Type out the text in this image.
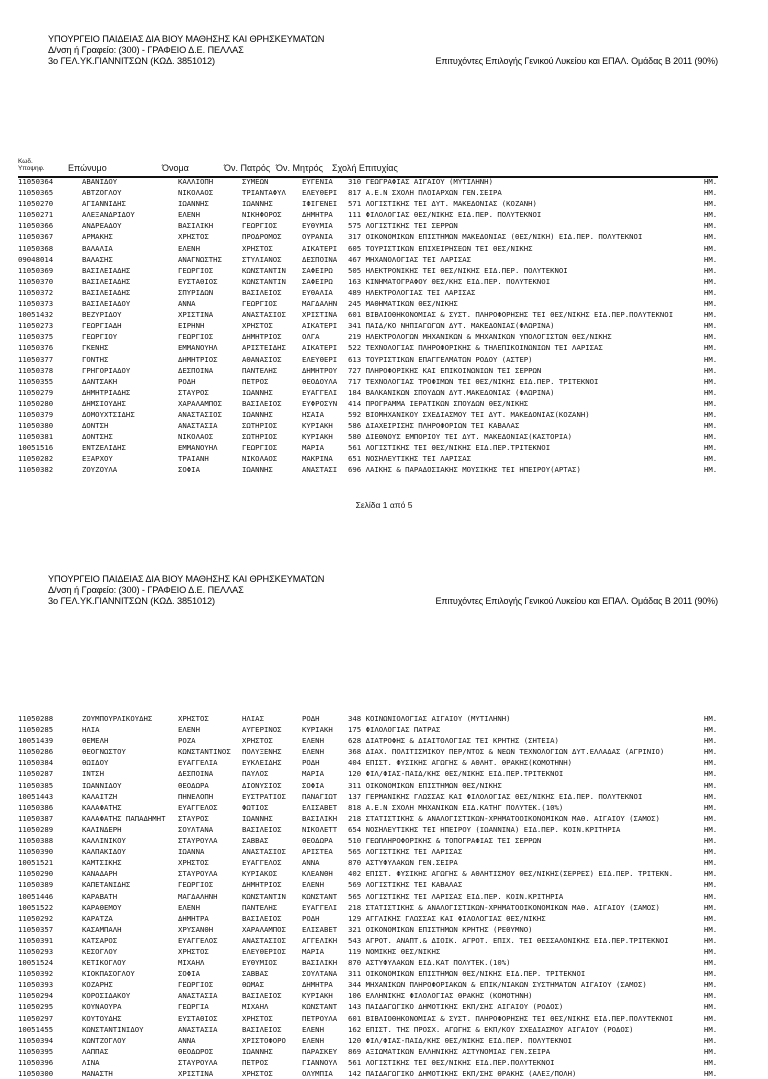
ΥΠΟΥΡΓΕΙΟ ΠΑΙΔΕΙΑΣ ΔΙΑ ΒΙΟΥ ΜΑΘΗΣΗΣ ΚΑΙ ΘΡΗΣΚΕΥΜΑΤΩΝ
Δ/νση ή Γραφείο: (300) - ΓΡΑΦΕΙΟ Δ.Ε. ΠΕΛΛΑΣ
3ο ΓΕΛ.ΥΚ.ΓΙΑΝΝΙΤΣΩΝ (ΚΩΔ. 3851012)	Επιτυχόντες Επιλογής Γενικού Λυκείου και ΕΠΑΛ. Ομάδας Β 2011 (90%)
Κωδ. Υποψηφ.	Επώνυμο	Όνομα	Όν. Πατρός Όν. Μητρός Σχολή Επιτυχίας
11050364	ΑΒΑΝΙΔΟΥ	ΚΑΛΛΙΟΠΗ	ΣΥΜΕΩΝ	ΕΥΓΕΝΙΑ	310 ΓΕΩΓΡΑΦΙΑΣ ΑΙΓΑΙΟΥ (ΜΥΤΙΛΗΝΗ)	ΗΜ.
11050365	ΑΒΤΖΟΓΛΟΥ	ΝΙΚΟΛΑΟΣ	ΤΡΙΑΝΤΑΦΥΛ	ΕΛΕΥΘΕΡΙ	817 Α.Ε.Ν ΣΧΟΛΗ ΠΛΟΙΑΡΧΩΝ ΓΕΝ.ΣΕΙΡΑ	ΗΜ.
11050270	ΑΓΙΑΝΝΙΔΗΣ	ΙΩΑΝΝΗΣ	ΙΩΑΝΝΗΣ	ΙΦΙΓΕΝΕΙ	571 ΛΟΓΙΣΤΙΚΗΣ ΤΕΙ ΔΥΤ. ΜΑΚΕΔΟΝΙΑΣ (ΚΟΖΑΝΗ)	ΗΜ.
11050271	ΑΛΕΞΑΝΔΡΙΔΟΥ	ΕΛΕΝΗ	ΝΙΚΗΦΟΡΟΣ	ΔΗΜΗΤΡΑ	111 ΦΙΛΟΛΟΓΙΑΣ ΘΕΣ/ΝΙΚΗΣ ΕΙΔ.ΠΕΡ. ΠΟΛΥΤΕΚΝΟΙ	ΗΜ.
11050366	ΑΝΔΡΕΑΔΟΥ	ΒΑΣΙΛΙΚΗ	ΓΕΩΡΓΙΟΣ	ΕΥΘΥΜΙΑ	575 ΛΟΓΙΣΤΙΚΗΣ ΤΕΙ ΣΕΡΡΩΝ	ΗΜ.
11050367	ΑΡΜΑΚΗΣ	ΧΡΗΣΤΟΣ	ΠΡΟΔΡΟΜΟΣ	ΟΥΡΑΝΙΑ	317 ΟΙΚΟΝΟΜΙΚΩΝ ΕΠΙΣΤΗΜΩΝ ΜΑΚΕΔΟΝΙΑΣ (ΘΕΣ/ΝΙΚΗ) ΕΙΔ.ΠΕΡ. ΠΟΛΥΤΕΚΝΟΙ	ΗΜ.
11050368	ΒΑΛΑΛΙΑ	ΕΛΕΝΗ	ΧΡΗΣΤΟΣ	ΑΙΚΑΤΕΡΙ	605 ΤΟΥΡΙΣΤΙΚΩΝ ΕΠΙΧΕΙΡΗΣΕΩΝ ΤΕΙ ΘΕΣ/ΝΙΚΗΣ	ΗΜ.
09048014	ΒΑΛΑΣΗΣ	ΑΝΑΓΝΩΣΤΗΣ	ΣΤΥΛΙΑΝΟΣ	ΔΕΣΠΟΙΝΑ	467 ΜΗΧΑΝΟΛΟΓΙΑΣ ΤΕΙ ΛΑΡΙΣΑΣ	ΗΜ.
11050369	ΒΑΣΙΛΕΙΑΔΗΣ	ΓΕΩΡΓΙΟΣ	ΚΩΝΣΤΑΝΤΙΝ	ΣΑΦΕΙΡΩ	505 ΗΛΕΚΤΡΟΝΙΚΗΣ ΤΕΙ ΘΕΣ/ΝΙΚΗΣ ΕΙΔ.ΠΕΡ. ΠΟΛΥΤΕΚΝΟΙ	ΗΜ.
11050370	ΒΑΣΙΛΕΙΑΔΗΣ	ΕΥΣΤΑΘΙΟΣ	ΚΩΝΣΤΑΝΤΙΝ	ΣΑΦΕΙΡΩ	163 ΚΙΝΗΜΑΤΟΓΡΑΦΟΥ ΘΕΣ/ΚΗΣ ΕΙΔ.ΠΕΡ. ΠΟΛΥΤΕΚΝΟΙ	ΗΜ.
11050372	ΒΑΣΙΛΕΙΑΔΗΣ	ΣΠΥΡΙΔΩΝ	ΒΑΣΙΛΕΙΟΣ	ΕΥΘΑΛΙΑ	489 ΗΛΕΚΤΡΟΛΟΓΙΑΣ ΤΕΙ ΛΑΡΙΣΑΣ	ΗΜ.
11050373	ΒΑΣΙΛΕΙΑΔΟΥ	ΑΝΝΑ	ΓΕΩΡΓΙΟΣ	ΜΑΓΔΑΛΗΝ	245 ΜΑΘΗΜΑΤΙΚΩΝ ΘΕΣ/ΝΙΚΗΣ	ΗΜ.
10051432	ΒΕΖΥΡΙΔΟΥ	ΧΡΙΣΤΙΝΑ	ΑΝΑΣΤΑΣΙΟΣ	ΧΡΙΣΤΙΝΑ	601 ΒΙΒΛΙΟΘΗΚΟΝΟΜΙΑΣ & ΣΥΣΤ. ΠΛΗΡΟΦΟΡΗΣΗΣ ΤΕΙ ΘΕΣ/ΝΙΚΗΣ ΕΙΔ.ΠΕΡ.ΠΟΛΥΤΕΚΝΟΙ	ΗΜ.
11050273	ΓΕΩΡΓΙΑΔΗ	ΕΙΡΗΝΗ	ΧΡΗΣΤΟΣ	ΑΙΚΑΤΕΡΙ	341 ΠΑΙΔ/ΚΟ ΝΗΠΙΑΓΩΓΩΝ ΔΥΤ. ΜΑΚΕΔΟΝΙΑΣ(ΦΛΩΡΙΝΑ)	ΗΜ.
11050375	ΓΕΩΡΓΙΟΥ	ΓΕΩΡΓΙΟΣ	ΔΗΜΗΤΡΙΟΣ	ΟΛΓΑ	219 ΗΛΕΚΤΡΟΛΟΓΩΝ ΜΗΧΑΝΙΚΩΝ & ΜΗΧΑΝΙΚΩΝ ΥΠΟΛΟΓΙΣΤΩΝ ΘΕΣ/ΝΙΚΗΣ	ΗΜ.
11050376	ΓΚΕΝΗΣ	ΕΜΜΑΝΟΥΗΛ	ΑΡΙΣΤΕΙΔΗΣ	ΑΙΚΑΤΕΡΙ	522 ΤΕΧΝΟΛΟΓΙΑΣ ΠΛΗΡΟΦΟΡΙΚΗΣ & ΤΗΛΕΠΙΚΟΙΝΩΝΙΩΝ ΤΕΙ ΛΑΡΙΣΑΣ	ΗΜ.
11050377	ΓΟΝΤΗΣ	ΔΗΜΗΤΡΙΟΣ	ΑΘΑΝΑΣΙΟΣ	ΕΛΕΥΘΕΡΙ	613 ΤΟΥΡΙΣΤΙΚΩΝ ΕΠΑΓΓΕΛΜΑΤΩΝ ΡΟΔΟΥ (ΑΣΤΕΡ)	ΗΜ.
11050378	ΓΡΗΓΟΡΙΑΔΟΥ	ΔΕΣΠΟΙΝΑ	ΠΑΝΤΕΛΗΣ	ΔΗΜΗΤΡΟΥ	727 ΠΛΗΡΟΦΟΡΙΚΗΣ ΚΑΙ ΕΠΙΚΟΙΝΩΝΙΩΝ ΤΕΙ ΣΕΡΡΩΝ	ΗΜ.
11050355	ΔΑΝΤΣΑΚΗ	ΡΟΔΗ	ΠΕΤΡΟΣ	ΘΕΟΔΟΥΛΑ	717 ΤΕΧΝΟΛΟΓΙΑΣ ΤΡΟΦΙΜΩΝ ΤΕΙ ΘΕΣ/ΝΙΚΗΣ ΕΙΔ.ΠΕΡ. ΤΡΙΤΕΚΝΟΙ	ΗΜ.
11050279	ΔΗΜΗΤΡΙΑΔΗΣ	ΣΤΑΥΡΟΣ	ΙΩΑΝΝΗΣ	ΕΥΑΓΓΕΛΙ	184 ΒΑΛΚΑΝΙΚΩΝ ΣΠΟΥΔΩΝ ΔΥΤ.ΜΑΚΕΔΟΝΙΑΣ (ΦΛΩΡΙΝΑ)	ΗΜ.
11050280	ΔΗΜΣΙΟΥΔΗΣ	ΧΑΡΑΛΑΜΠΟΣ	ΒΑΣΙΛΕΙΟΣ	ΕΥΦΡΟΣΥΝ	414 ΠΡΟΓΡΑΜΜΑ ΙΕΡΑΤΙΚΩΝ ΣΠΟΥΔΩΝ ΘΕΣ/ΝΙΚΗΣ	ΗΜ.
11050379	ΔΟΜΟΥΧΤΣΙΔΗΣ	ΑΝΑΣΤΑΣΙΟΣ	ΙΩΑΝΝΗΣ	ΗΣΑΙΑ	592 ΒΙΟΜΗΧΑΝΙΚΟΥ ΣΧΕΔΙΑΣΜΟΥ ΤΕΙ ΔΥΤ. ΜΑΚΕΔΟΝΙΑΣ(ΚΟΖΑΝΗ)	ΗΜ.
11050380	ΔΟΝΤΣΗ	ΑΝΑΣΤΑΣΙΑ	ΣΩΤΗΡΙΟΣ	ΚΥΡΙΑΚΗ	586 ΔΙΑΧΕΙΡΙΣΗΣ ΠΛΗΡΟΦΟΡΙΩΝ ΤΕΙ ΚΑΒΑΛΑΣ	ΗΜ.
11050381	ΔΟΝΤΣΗΣ	ΝΙΚΟΛΑΟΣ	ΣΩΤΗΡΙΟΣ	ΚΥΡΙΑΚΗ	580 ΔΙΕΘΝΟΥΣ ΕΜΠΟΡΙΟΥ ΤΕΙ ΔΥΤ. ΜΑΚΕΔΟΝΙΑΣ(ΚΑΣΤΟΡΙΑ)	ΗΜ.
10051516	ΕΝΤΖΕΛΙΔΗΣ	ΕΜΜΑΝΟΥΗΛ	ΓΕΩΡΓΙΟΣ	ΜΑΡΙΑ	561 ΛΟΓΙΣΤΙΚΗΣ ΤΕΙ ΘΕΣ/ΝΙΚΗΣ ΕΙΔ.ΠΕΡ.ΤΡΙΤΕΚΝΟΙ	ΗΜ.
11050282	ΕΞΑΡΧΟΥ	ΤΡΑΙΑΝΗ	ΝΙΚΟΛΑΟΣ	ΜΑΚΡΙΝΑ	651 ΝΟΣΗΛΕΥΤΙΚΗΣ ΤΕΙ ΛΑΡΙΣΑΣ	ΗΜ.
11050382	ΖΟΥΖΟΥΛΑ	ΣΟΦΙΑ	ΙΩΑΝΝΗΣ	ΑΝΑΣΤΑΣΙ	696 ΛΑΙΚΗΣ & ΠΑΡΑΔΟΣΙΑΚΗΣ ΜΟΥΣΙΚΗΣ ΤΕΙ ΗΠΕΙΡΟΥ(ΑΡΤΑΣ)	ΗΜ.
Σελίδα 1 από 5
ΥΠΟΥΡΓΕΙΟ ΠΑΙΔΕΙΑΣ ΔΙΑ ΒΙΟΥ ΜΑΘΗΣΗΣ ΚΑΙ ΘΡΗΣΚΕΥΜΑΤΩΝ
Δ/νση ή Γραφείο: (300) - ΓΡΑΦΕΙΟ Δ.Ε. ΠΕΛΛΑΣ
3ο ΓΕΛ.ΥΚ.ΓΙΑΝΝΙΤΣΩΝ (ΚΩΔ. 3851012)	Επιτυχόντες Επιλογής Γενικού Λυκείου και ΕΠΑΛ. Ομάδας Β 2011 (90%)
11050288	ΖΟΥΜΠΟΥΡΛΙΚΟΥΔΗΣ	ΧΡΗΣΤΟΣ	ΗΛΙΑΣ	ΡΟΔΗ	348 ΚΟΙΝΩΝΙΟΛΟΓΙΑΣ ΑΙΓΑΙΟΥ (ΜΥΤΙΛΗΝΗ)	ΗΜ.
11050285	ΗΛΙΑ	ΕΛΕΝΗ	ΑΥΓΕΡΙΝΟΣ	ΚΥΡΙΑΚΗ	175 ΦΙΛΟΛΟΓΙΑΣ ΠΑΤΡΑΣ	ΗΜ.
10051439	ΘΕΜΕΛΗ	ΡΟΖΑ	ΧΡΗΣΤΟΣ	ΕΛΕΝΗ	628 ΔΙΑΤΡΟΦΗΣ & ΔΙΑΙΤΟΛΟΓΙΑΣ ΤΕΙ ΚΡΗΤΗΣ (ΣΗΤΕΙΑ)	ΗΜ.
11050286	ΘΕΟΓΝΩΣΤΟΥ	ΚΩΝΣΤΑΝΤΙΝΟΣ	ΠΟΛΥΞΕΝΗΣ	ΕΛΕΝΗ	368 ΔΙΑΧ. ΠΟΛΙΤΙΣΜΙΚΟΥ ΠΕΡ/ΝΤΟΣ & ΝΕΩΝ ΤΕΧΝΟΛΟΓΙΩΝ ΔΥΤ.ΕΛΛΑΔΑΣ (ΑΓΡΙΝΙΟ)	ΗΜ.
11050384	ΘΩΙΔΟΥ	ΕΥΑΓΓΕΛΙΑ	ΕΥΚΛΕΙΔΗΣ	ΡΟΔΗ	404 ΕΠΙΣΤ. ΦΥΣΙΚΗΣ ΑΓΩΓΗΣ & ΑΘΛΗΤ. ΘΡΑΚΗΣ(ΚΟΜΟΤΗΝΗ)	ΗΜ.
11050287	ΙΝΤΣΗ	ΔΕΣΠΟΙΝΑ	ΠΑΥΛΟΣ	ΜΑΡΙΑ	120 ΦΙΛ/ΦΙΑΣ-ΠΑΙΔ/ΚΗΣ ΘΕΣ/ΝΙΚΗΣ ΕΙΔ.ΠΕΡ.ΤΡΙΤΕΚΝΟΙ	ΗΜ.
11050385	ΙΩΑΝΝΙΔΟΥ	ΘΕΟΔΩΡΑ	ΔΙΟΝΥΣΙΟΣ	ΣΟΦΙΑ	311 ΟΙΚΟΝΟΜΙΚΩΝ ΕΠΙΣΤΗΜΩΝ ΘΕΣ/ΝΙΚΗΣ	ΗΜ.
10051443	ΚΑΛΑΙΤΖΗ	ΠΗΝΕΛΟΠΗ	ΕΥΣΤΡΑΤΙΟΣ	ΠΑΝΑΓΙΩΤ	137 ΓΕΡΜΑΝΙΚΗΣ ΓΛΩΣΣΑΣ ΚΑΙ ΦΙΛΟΛΟΓΙΑΣ ΘΕΣ/ΝΙΚΗΣ ΕΙΔ.ΠΕΡ. ΠΟΛΥΤΕΚΝΟΙ	ΗΜ.
11050386	ΚΑΛΑΦΑΤΗΣ	ΕΥΑΓΓΕΛΟΣ	ΦΩΤΙΟΣ	ΕΛΙΣΑΒΕΤ	818 Α.Ε.Ν ΣΧΟΛΗ ΜΗΧΑΝΙΚΩΝ ΕΙΔ.ΚΑΤΗΓ ΠΟΛΥΤΕΚ.(10%)	ΗΜ.
11050387	ΚΑΛΑΦΑΤΗΣ ΠΑΠΑΔΗΜΗΤ	ΣΤΑΥΡΟΣ	ΙΩΑΝΝΗΣ	ΒΑΣΙΛΙΚΗ	218 ΣΤΑΤΙΣΤΙΚΗΣ & ΑΝΑΛΟΓΙΣΤΙΚΩΝ-ΧΡΗΜΑΤΟΟΙΚΟΝΟΜΙΚΩΝ ΜΑΘ. ΑΙΓΑΙΟΥ (ΣΑΜΟΣ)	ΗΜ.
11050289	ΚΑΛΙΝΔΕΡΗ	ΣΟΥΛΤΑΝΑ	ΒΑΣΙΛΕΙΟΣ	ΝΙΚΟΛΕΤΤ	654 ΝΟΣΗΛΕΥΤΙΚΗΣ ΤΕΙ ΗΠΕΙΡΟΥ (ΙΩΑΝΝΙΝΑ) ΕΙΔ.ΠΕΡ. ΚΟΙΝ.ΚΡΙΤΗΡΙΑ	ΗΜ.
11050388	ΚΑΛΛΙΝΙΚΟΥ	ΣΤΑΥΡΟΥΛΑ	ΣΑΒΒΑΣ	ΘΕΟΔΩΡΑ	510 ΓΕΩΠΛΗΡΟΦΟΡΙΚΗΣ & ΤΟΠΟΓΡΑΦΙΑΣ ΤΕΙ ΣΕΡΡΩΝ	ΗΜ.
11050390	ΚΑΛΠΑΚΙΔΟΥ	ΙΩΑΝΝΑ	ΑΝΑΣΤΑΣΙΟΣ	ΑΡΙΣΤΕΑ	565 ΛΟΓΙΣΤΙΚΗΣ ΤΕΙ ΛΑΡΙΣΑΣ	ΗΜ.
10051521	ΚΑΜΤΣΙΚΗΣ	ΧΡΗΣΤΟΣ	ΕΥΑΓΓΕΛΟΣ	ΑΝΝΑ	870 ΑΣΤΥΦΥΛΑΚΩΝ ΓΕΝ.ΣΕΙΡΑ	ΗΜ.
11050290	ΚΑΝΑΔΑΡΗ	ΣΤΑΥΡΟΥΛΑ	ΚΥΡΙΑΚΟΣ	ΚΛΕΑΝΘΗ	402 ΕΠΙΣΤ. ΦΥΣΙΚΗΣ ΑΓΩΓΗΣ & ΑΘΛΗΤΙΣΜΟΥ ΘΕΣ/ΝΙΚΗΣ(ΣΕΡΡΕΣ) ΕΙΔ.ΠΕΡ. ΤΡΙΤΕΚΝ.	ΗΜ.
11050389	ΚΑΠΕΤΑΝΙΔΗΣ	ΓΕΩΡΓΙΟΣ	ΔΗΜΗΤΡΙΟΣ	ΕΛΕΝΗ	569 ΛΟΓΙΣΤΙΚΗΣ ΤΕΙ ΚΑΒΑΛΑΣ	ΗΜ.
10051446	ΚΑΡΑΒΑΤΗ	ΜΑΓΔΑΛΗΝΗ	ΚΩΝΣΤΑΝΤΙΝ	ΚΩΝΣΤΑΝΤ	565 ΛΟΓΙΣΤΙΚΗΣ ΤΕΙ ΛΑΡΙΣΑΣ ΕΙΔ.ΠΕΡ. ΚΟΙΝ.ΚΡΙΤΗΡΙΑ	ΗΜ.
10051522	ΚΑΡΑΘΕΜΟΥ	ΕΛΕΝΗ	ΠΑΝΤΕΛΗΣ	ΕΥΑΓΓΕΛΙ	218 ΣΤΑΤΙΣΤΙΚΗΣ & ΑΝΑΛΟΓΙΣΤΙΚΩΝ-ΧΡΗΜΑΤΟΟΙΚΟΝΟΜΙΚΩΝ ΜΑΘ. ΑΙΓΑΙΟΥ (ΣΑΜΟΣ)	ΗΜ.
11050292	ΚΑΡΑΤΖΑ	ΔΗΜΗΤΡΑ	ΒΑΣΙΛΕΙΟΣ	ΡΟΔΗ	129 ΑΓΓΛΙΚΗΣ ΓΛΩΣΣΑΣ ΚΑΙ ΦΙΛΟΛΟΓΙΑΣ ΘΕΣ/ΝΙΚΗΣ	ΗΜ.
11050357	ΚΑΣΑΜΠΑΛΗ	ΧΡΥΣΑΝΘΗ	ΧΑΡΑΛΑΜΠΟΣ	ΕΛΙΣΑΒΕΤ	321 ΟΙΚΟΝΟΜΙΚΩΝ ΕΠΙΣΤΗΜΩΝ ΚΡΗΤΗΣ (ΡΕΘΥΜΝΟ)	ΗΜ.
11050391	ΚΑΤΣΑΡΟΣ	ΕΥΑΓΓΕΛΟΣ	ΑΝΑΣΤΑΣΙΟΣ	ΑΓΓΕΛΙΚΗ	543 ΑΓΡΟΤ. ΑΝΑΠΤ.& ΔΙΟΙΚ. ΑΓΡΟΤ. ΕΠΙΧ. ΤΕΙ ΘΕΣΣΑΛΟΝΙΚΗΣ ΕΙΔ.ΠΕΡ.ΤΡΙΤΕΚΝΟΙ	ΗΜ.
11050293	ΚΕΣΟΓΛΟΥ	ΧΡΗΣΤΟΣ	ΕΛΕΥΘΕΡΙΟΣ	ΜΑΡΙΑ	119 ΝΟΜΙΚΗΣ ΘΕΣ/ΝΙΚΗΣ	ΗΜ.
10051524	ΚΕΤΙΚΟΓΛΟΥ	ΜΙΧΑΗΛ	ΕΥΘΥΜΙΟΣ	ΒΑΣΙΛΙΚΗ	870 ΑΣΤΥΦΥΛΑΚΩΝ ΕΙΔ.ΚΑΤ ΠΟΛΥΤΕΚ.(10%)	ΗΜ.
11050392	ΚΙΟΚΠΑΣΟΓΛΟΥ	ΣΟΦΙΑ	ΣΑΒΒΑΣ	ΣΟΥΛΤΑΝΑ	311 ΟΙΚΟΝΟΜΙΚΩΝ ΕΠΙΣΤΗΜΩΝ ΘΕΣ/ΝΙΚΗΣ ΕΙΔ.ΠΕΡ. ΤΡΙΤΕΚΝΟΙ	ΗΜ.
11050393	ΚΟΖΑΡΗΣ	ΓΕΩΡΓΙΟΣ	ΘΩΜΑΣ	ΔΗΜΗΤΡΑ	344 ΜΗΧΑΝΙΚΩΝ ΠΛΗΡΟΦΟΡΙΑΚΩΝ & ΕΠΙΚ/ΝΙΑΚΩΝ ΣΥΣΤΗΜΑΤΩΝ ΑΙΓΑΙΟΥ (ΣΑΜΟΣ)	ΗΜ.
11050294	ΚΟΡΟΣΙΔΑΚΟΥ	ΑΝΑΣΤΑΣΙΑ	ΒΑΣΙΛΕΙΟΣ	ΚΥΡΙΑΚΗ	106 ΕΛΛΗΝΙΚΗΣ ΦΙΛΟΛΟΓΙΑΣ ΘΡΑΚΗΣ (ΚΟΜΟΤΗΝΗ)	ΗΜ.
11050295	ΚΟΥΝΑΟΥΡΑ	ΓΕΩΡΓΙΑ	ΜΙΧΑΗΛ	ΚΩΝΣΤΑΝΤ	143 ΠΑΙΔΑΓΩΓΙΚΟ ΔΗΜΟΤΙΚΗΣ ΕΚΠ/ΣΗΣ ΑΙΓΑΙΟΥ (ΡΟΔΟΣ)	ΗΜ.
11050297	ΚΟΥΤΟΥΔΗΣ	ΕΥΣΤΑΘΙΟΣ	ΧΡΗΣΤΟΣ	ΠΕΤΡΟΥΛΑ	601 ΒΙΒΛΙΟΘΗΚΟΝΟΜΙΑΣ & ΣΥΣΤ. ΠΛΗΡΟΦΟΡΗΣΗΣ ΤΕΙ ΘΕΣ/ΝΙΚΗΣ ΕΙΔ.ΠΕΡ.ΠΟΛΥΤΕΚΝΟΙ	ΗΜ.
10051455	ΚΩΝΣΤΑΝΤΙΝΙΔΟΥ	ΑΝΑΣΤΑΣΙΑ	ΒΑΣΙΛΕΙΟΣ	ΕΛΕΝΗ	162 ΕΠΙΣΤ. ΤΗΣ ΠΡΟΣΧ. ΑΓΩΓΗΣ & ΕΚΠ/ΚΟΥ ΣΧΕΔΙΑΣΜΟΥ ΑΙΓΑΙΟΥ (ΡΟΔΟΣ)	ΗΜ.
11050394	ΚΩΝΤΖΟΓΛΟΥ	ΑΝΝΑ	ΧΡΙΣΤΟΦΟΡΟ	ΕΛΕΝΗ	120 ΦΙΛ/ΦΙΑΣ-ΠΑΙΔ/ΚΗΣ ΘΕΣ/ΝΙΚΗΣ ΕΙΔ.ΠΕΡ. ΠΟΛΥΤΕΚΝΟΙ	ΗΜ.
11050395	ΛΑΠΠΑΣ	ΘΕΟΔΩΡΟΣ	ΙΩΑΝΝΗΣ	ΠΑΡΑΣΚΕΥ	869 ΑΞΙΩΜΑΤΙΚΩΝ ΕΛΛΗΝΙΚΗΣ ΑΣΤΥΝΟΜΙΑΣ ΓΕΝ.ΣΕΙΡΑ	ΗΜ.
11050396	ΛΙΝΑ	ΣΤΑΥΡΟΥΛΑ	ΠΕΤΡΟΣ	ΓΙΑΝΝΟΥΛ	561 ΛΟΓΙΣΤΙΚΗΣ ΤΕΙ ΘΕΣ/ΝΙΚΗΣ ΕΙΔ.ΠΕΡ.ΠΟΛΥΤΕΚΝΟΙ	ΗΜ.
11050300	ΜΑΝΑΣΤΗ	ΧΡΙΣΤΙΝΑ	ΧΡΗΣΤΟΣ	ΟΛΥΜΠΙΑ	142 ΠΑΙΔΑΓΩΓΙΚΟ ΔΗΜΟΤΙΚΗΣ ΕΚΠ/ΣΗΣ ΘΡΑΚΗΣ (ΑΛΕΞ/ΠΟΛΗ)	ΗΜ.
